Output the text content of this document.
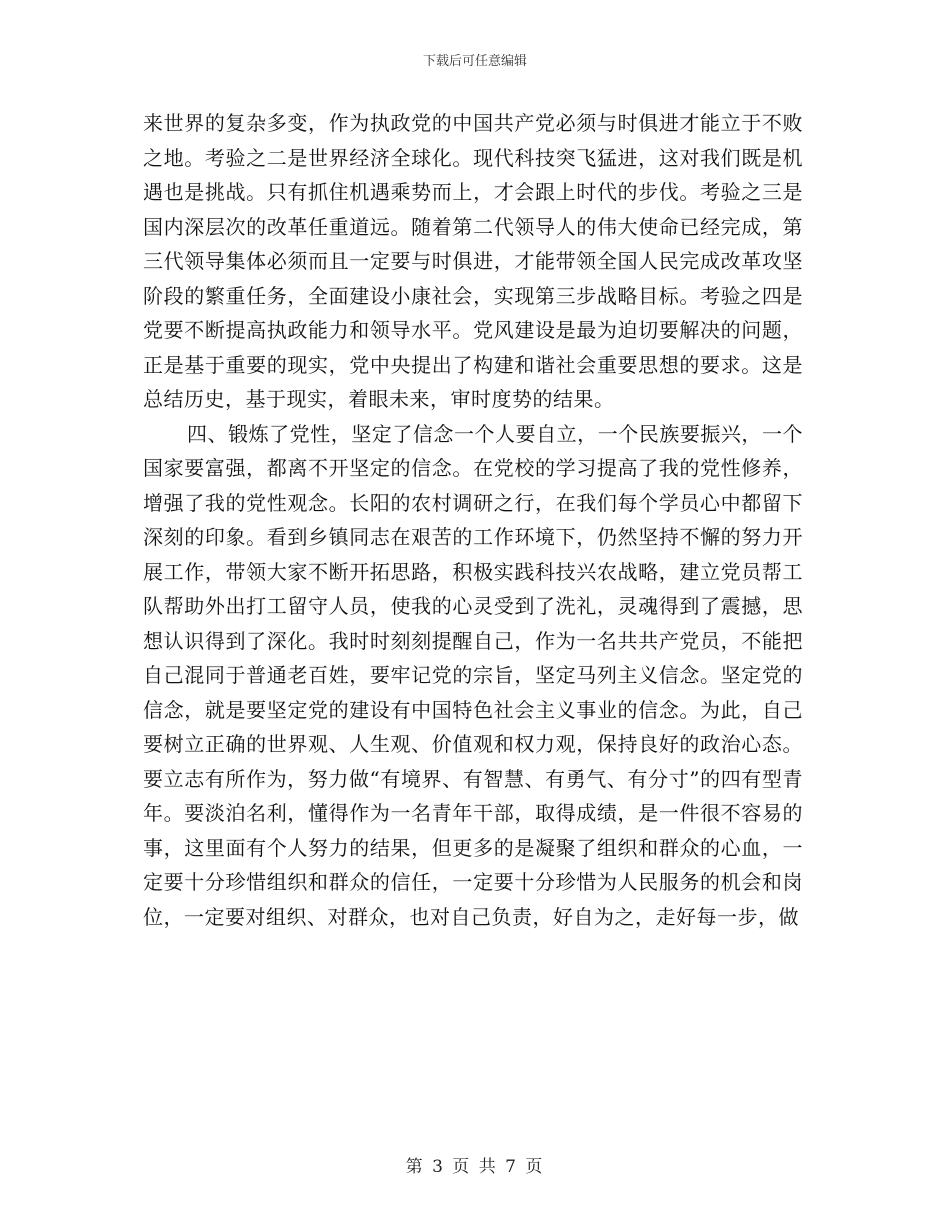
下载后可任意编辑

来世界的复杂多变，作为执政党的中国共产党必须与时俱进才能立于不败之地。考验之二是世界经济全球化。现代科技突飞猛进，这对我们既是机遇也是挑战。只有抓住机遇乘势而上，才会跟上时代的步伐。考验之三是国内深层次的改革任重道远。随着第二代领导人的伟大使命已经完成，第三代领导集体必须而且一定要与时俱进，才能带领全国人民完成改革攻坚阶段的繁重任务，全面建设小康社会，实现第三步战略目标。考验之四是党要不断提高执政能力和领导水平。党风建设是最为迫切要解决的问题，正是基于重要的现实，党中央提出了构建和谐社会重要思想的要求。这是总结历史，基于现实，着眼未来，审时度势的结果。

四、锻炼了党性，坚定了信念一个人要自立，一个民族要振兴，一个国家要富强，都离不开坚定的信念。在党校的学习提高了我的党性修养，增强了我的党性观念。长阳的农村调研之行，在我们每个学员心中都留下深刻的印象。看到乡镇同志在艰苦的工作环境下，仍然坚持不懈的努力开展工作，带领大家不断开拓思路，积极实践科技兴农战略，建立党员帮工队帮助外出打工留守人员，使我的心灵受到了洗礼，灵魂得到了震撼，思想认识得到了深化。我时时刻刻提醒自己，作为一名共共产党员，不能把自己混同于普通老百姓，要牢记党的宗旨，坚定马列主义信念。坚定党的信念，就是要坚定党的建设有中国特色社会主义事业的信念。为此，自己要树立正确的世界观、人生观、价值观和权力观，保持良好的政治心态。要立志有所作为，努力做“有境界、有智慧、有勇气、有分寸”的四有型青年。要淡泊名利，懂得作为一名青年干部，取得成绩，是一件很不容易的事，这里面有个人努力的结果，但更多的是凝聚了组织和群众的心血，一定要十分珍惜组织和群众的信任，一定要十分珍惜为人民服务的机会和岗位，一定要对组织、对群众，也对自己负责，好自为之，走好每一步，做

第 3 页 共 7 页
